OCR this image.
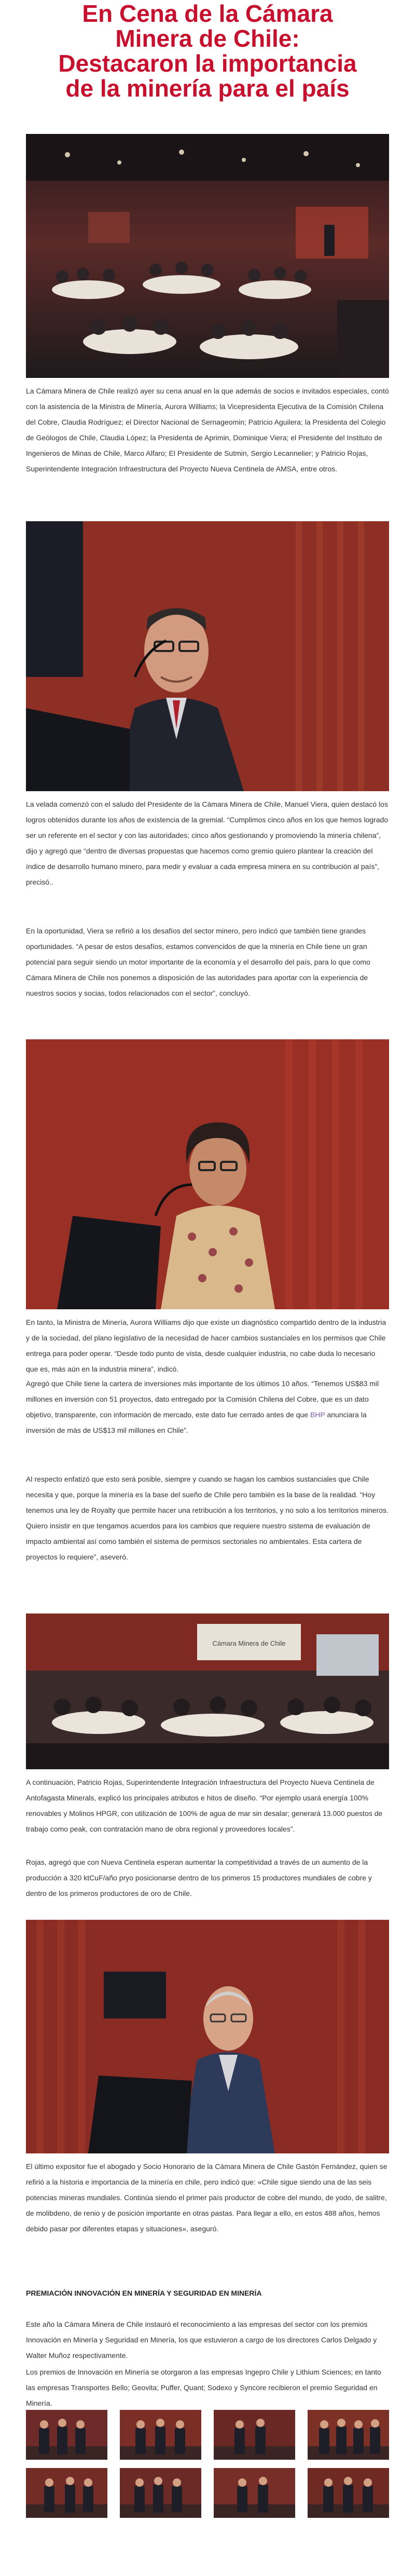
En Cena de la Cámara
Minera de Chile:
Destacaron la importancia
de la minería para el país

La Cámara Minera de Chile realizó ayer su cena anual en la que además de socios e invitados especiales, contó con la asistencia de la Ministra de Minería, Aurora Williams; la Vicepresidenta Ejecutiva de la Comisión Chilena del Cobre, Claudia Rodríguez; el Director Nacional de Sernageomin; Patricio Aguilera; la Presidenta del Colegio de Geólogos de Chile, Claudia López; la Presidenta de Aprimin, Dominique Viera; el Presidente del Instituto de Ingenieros de Minas de Chile, Marco Alfaro; El Presidente de Sutmin, Sergio Lecannelier; y Patricio Rojas, Superintendente Integración Infraestructura del Proyecto Nueva Centinela de AMSA, entre otros.

La velada comenzó con el saludo del Presidente de la Cámara Minera de Chile, Manuel Viera, quien destacó los logros obtenidos durante los años de existencia de la gremial. “Cumplimos cinco años en los que hemos logrado ser un referente en el sector y con las autoridades; cinco años gestionando y promoviendo la minería chilena”, dijo y agregó que “dentro de diversas propuestas que hacemos como gremio quiero plantear la creación del índice de desarrollo humano minero, para medir y evaluar a cada empresa minera en su contribución al país”, precisó..

En la oportunidad, Viera se refirió a los desafíos del sector minero, pero indicó que también tiene grandes oportunidades. “A pesar de estos desafíos, estamos convencidos de que la minería en Chile tiene un gran potencial para seguir siendo un motor importante de la economía y el desarrollo del país, para lo que como Cámara Minera de Chile nos ponemos a disposición de las autoridades para aportar con la experiencia de nuestros socios y socias, todos relacionados con el sector”, concluyó.

En tanto, la Ministra de Minería, Aurora Williams dijo que existe un diagnóstico compartido dentro de la industria y de la sociedad, del plano legislativo de la necesidad de hacer cambios sustanciales en los permisos que Chile entrega para poder operar. “Desde todo punto de vista, desde cualquier industria, no cabe duda lo necesario que es, más aún en la industria minera”, indicó.

Agregó que Chile tiene la cartera de inversiones más importante de los últimos 10 años. “Tenemos US$83 mil millones en inversión con 51 proyectos, dato entregado por la Comisión Chilena del Cobre, que es un dato objetivo, transparente, con información de mercado, este dato fue cerrado antes de que BHP anunciara la inversión de más de US$13 mil millones en Chile”.

Al respecto enfatizó que esto será posible, siempre y cuando se hagan los cambios sustanciales que Chile necesita y que, porque la minería es la base del sueño de Chile pero también es la base de la realidad. “Hoy tenemos una ley de Royalty que permite hacer una retribución a los territorios, y no solo a los territorios mineros. Quiero insistir en que tengamos acuerdos para los cambios que requiere nuestro sistema de evaluación de impacto ambiental así como también el sistema de permisos sectoriales no ambientales. Esta cartera de proyectos lo requiere”, aseveró.

Cámara Minera de Chile

A continuación, Patricio Rojas, Superintendente Integración Infraestructura del Proyecto Nueva Centinela de Antofagasta Minerals, explicó los principales atributos e hitos de diseño. “Por ejemplo usará energía 100% renovables y Molinos HPGR, con utilización de 100% de agua de mar sin desalar; generará 13.000 puestos de trabajo como peak, con contratación mano de obra regional y proveedores locales”.

Rojas, agregó que con Nueva Centinela esperan aumentar la competitividad a través de un aumento de la producción a 320 ktCuF/año pryo posicionarse dentro de los primeros 15 productores mundiales de cobre y dentro de los primeros productores de oro de Chile.

El último expositor fue el abogado y Socio Honorario de la Cámara Minera de Chile Gastón Fernández, quien se refirió a la historia e importancia de la minería en chile, pero indicó que: «Chile sigue siendo una de las seis potencias mineras mundiales. Continúa siendo el primer país productor de cobre del mundo, de yodo, de salitre, de molibdeno, de renio y de posición importante en otras pastas. Para llegar a ello, en estos 488 años, hemos debido pasar por diferentes etapas y situaciones», aseguró.

PREMIACIÓN INNOVACIÓN EN MINERÍA Y SEGURIDAD EN MINERÍA

Este año la Cámara Minera de Chile instauró el reconocimiento a las empresas del sector con los premios Innovación en Minería y Seguridad en Minería, los que estuvieron a cargo de los directores Carlos Delgado y Walter Muñoz respectivamente.

Los premios de Innovación en Minería se otorgaron a las empresas Ingepro Chile y Lithium Sciences; en tanto las empresas Transportes Bello; Geovita; Puffer, Quant; Sodexo y Syncore recibieron el premio Seguridad en Minería.
